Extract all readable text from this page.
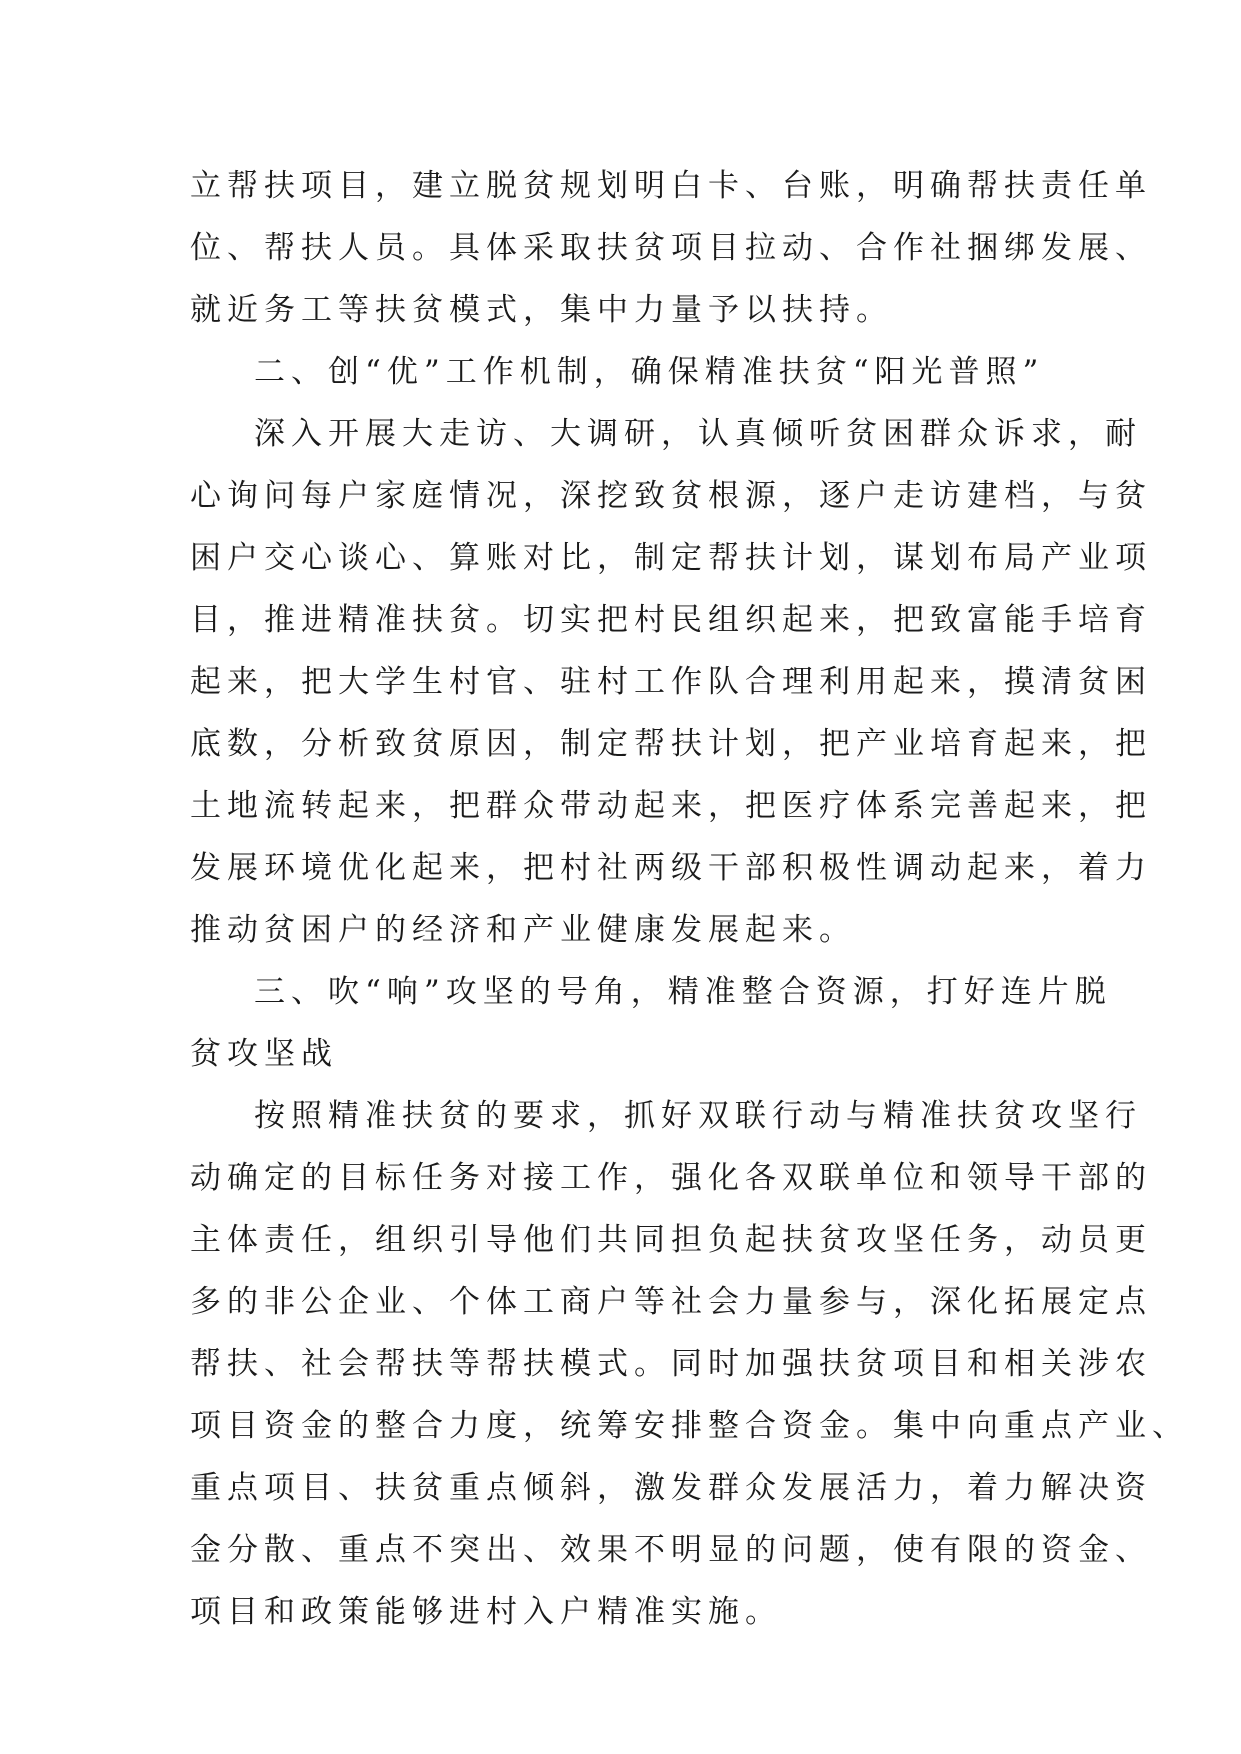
立帮扶项目，建立脱贫规划明白卡、台账，明确帮扶责任单
位、帮扶人员。具体采取扶贫项目拉动、合作社捆绑发展、
就近务工等扶贫模式，集中力量予以扶持。
二、创“优”工作机制，确保精准扶贫“阳光普照”
深入开展大走访、大调研，认真倾听贫困群众诉求，耐
心询问每户家庭情况，深挖致贫根源，逐户走访建档，与贫
困户交心谈心、算账对比，制定帮扶计划，谋划布局产业项
目，推进精准扶贫。切实把村民组织起来，把致富能手培育
起来，把大学生村官、驻村工作队合理利用起来，摸清贫困
底数，分析致贫原因，制定帮扶计划，把产业培育起来，把
土地流转起来，把群众带动起来，把医疗体系完善起来，把
发展环境优化起来，把村社两级干部积极性调动起来，着力
推动贫困户的经济和产业健康发展起来。
三、吹“响”攻坚的号角，精准整合资源，打好连片脱
贫攻坚战
按照精准扶贫的要求，抓好双联行动与精准扶贫攻坚行
动确定的目标任务对接工作，强化各双联单位和领导干部的
主体责任，组织引导他们共同担负起扶贫攻坚任务，动员更
多的非公企业、个体工商户等社会力量参与，深化拓展定点
帮扶、社会帮扶等帮扶模式。同时加强扶贫项目和相关涉农
项目资金的整合力度，统筹安排整合资金。集中向重点产业、
重点项目、扶贫重点倾斜，激发群众发展活力，着力解决资
金分散、重点不突出、效果不明显的问题，使有限的资金、
项目和政策能够进村入户精准实施。
